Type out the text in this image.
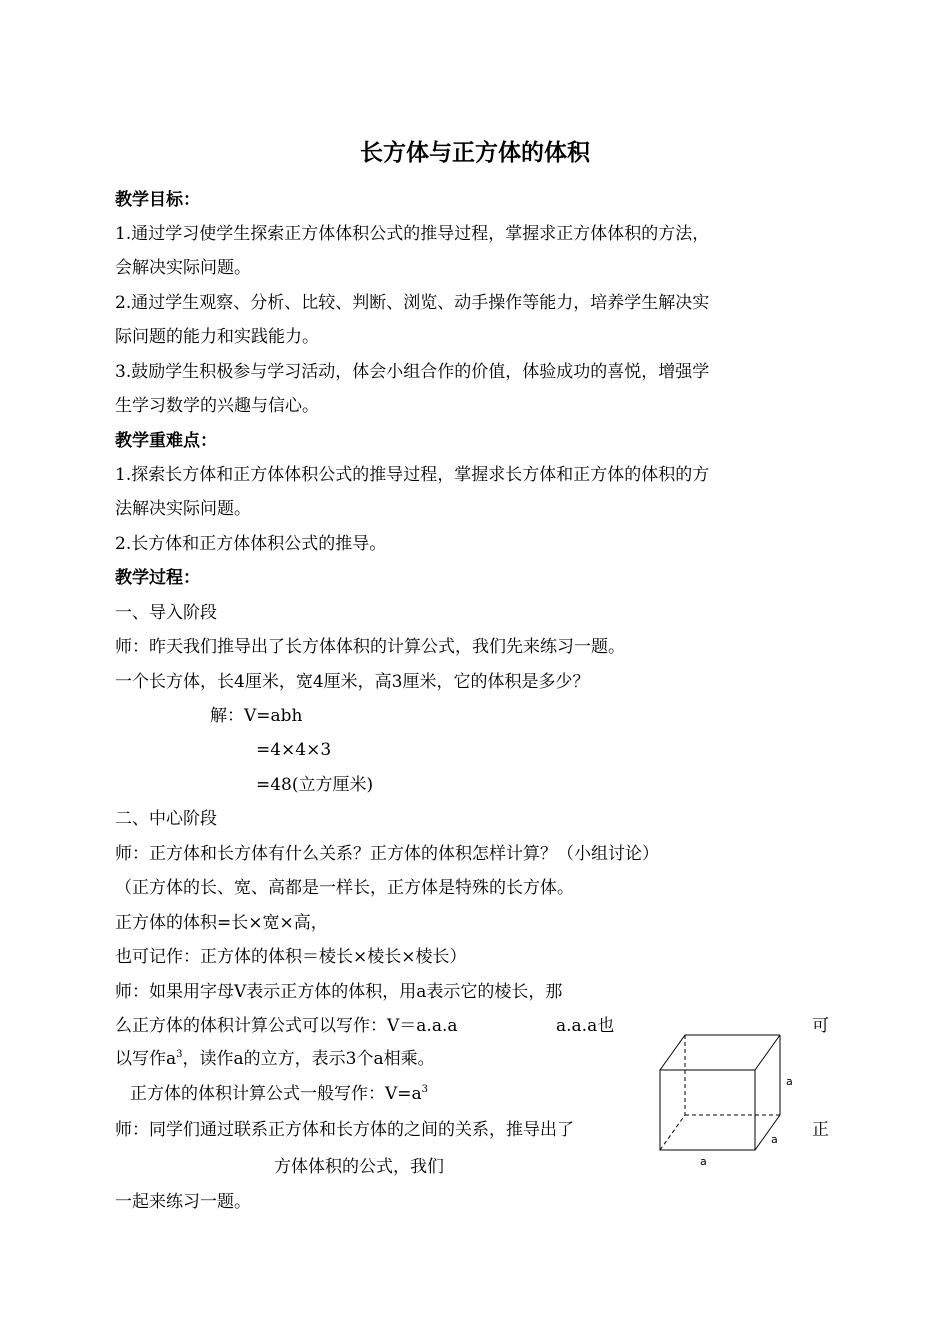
长方体与正方体的体积
教学目标：
1.通过学习使学生探索正方体体积公式的推导过程，掌握求正方体体积的方法，
会解决实际问题。
2.通过学生观察、分析、比较、判断、浏览、动手操作等能力，培养学生解决实
际问题的能力和实践能力。
3.鼓励学生积极参与学习活动，体会小组合作的价值，体验成功的喜悦，增强学
生学习数学的兴趣与信心。
教学重难点：
1.探索长方体和正方体体积公式的推导过程，掌握求长方体和正方体的体积的方
法解决实际问题。
2.长方体和正方体体积公式的推导。
教学过程：
一、导入阶段
师：昨天我们推导出了长方体体积的计算公式，我们先来练习一题。
一个长方体，长4厘米，宽4厘米，高3厘米，它的体积是多少？
解：V=abh
=4×4×3
=48(立方厘米)
二、中心阶段
师：正方体和长方体有什么关系？正方体的体积怎样计算？（小组讨论）
（正方体的长、宽、高都是一样长，正方体是特殊的长方体。
正方体的体积=长×宽×高，
也可记作：正方体的体积＝棱长×棱长×棱长）
师：如果用字母V表示正方体的体积，用a表示它的棱长，那
么正方体的体积计算公式可以写作：V＝a.a.a	a.a.a也	可
以写作$a^3$，读作a的立方，表示3个a相乘。
正方体的体积计算公式一般写作：$V=a^3$
师：同学们通过联系正方体和长方体的之间的关系，推导出了	正
方体体积的公式，我们
一起来练习一题。
a
a
a
